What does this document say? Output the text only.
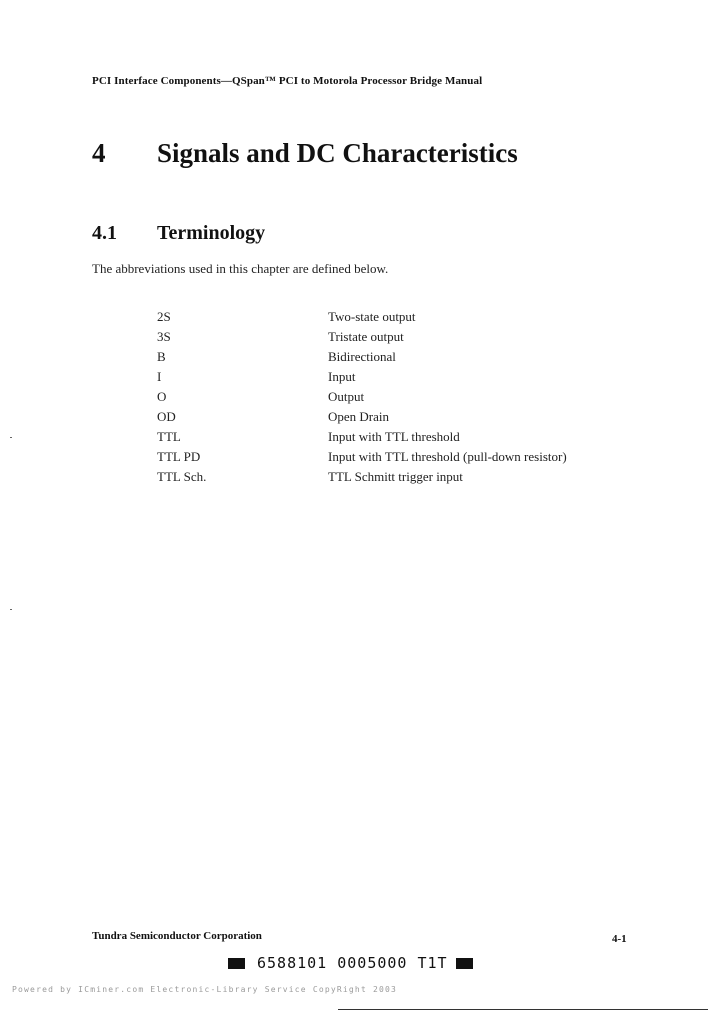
PCI Interface Components—QSpan™ PCI to Motorola Processor Bridge Manual
4 Signals and DC Characteristics
4.1 Terminology
The abbreviations used in this chapter are defined below.
2S	Two-state output
3S	Tristate output
B	Bidirectional
I	Input
O	Output
OD	Open Drain
TTL	Input with TTL threshold
TTL PD	Input with TTL threshold (pull-down resistor)
TTL Sch.	TTL Schmitt trigger input
Tundra Semiconductor Corporation	4-1
6588101 0005000 T1T
Powered by ICminer.com Electronic-Library Service CopyRight 2003
